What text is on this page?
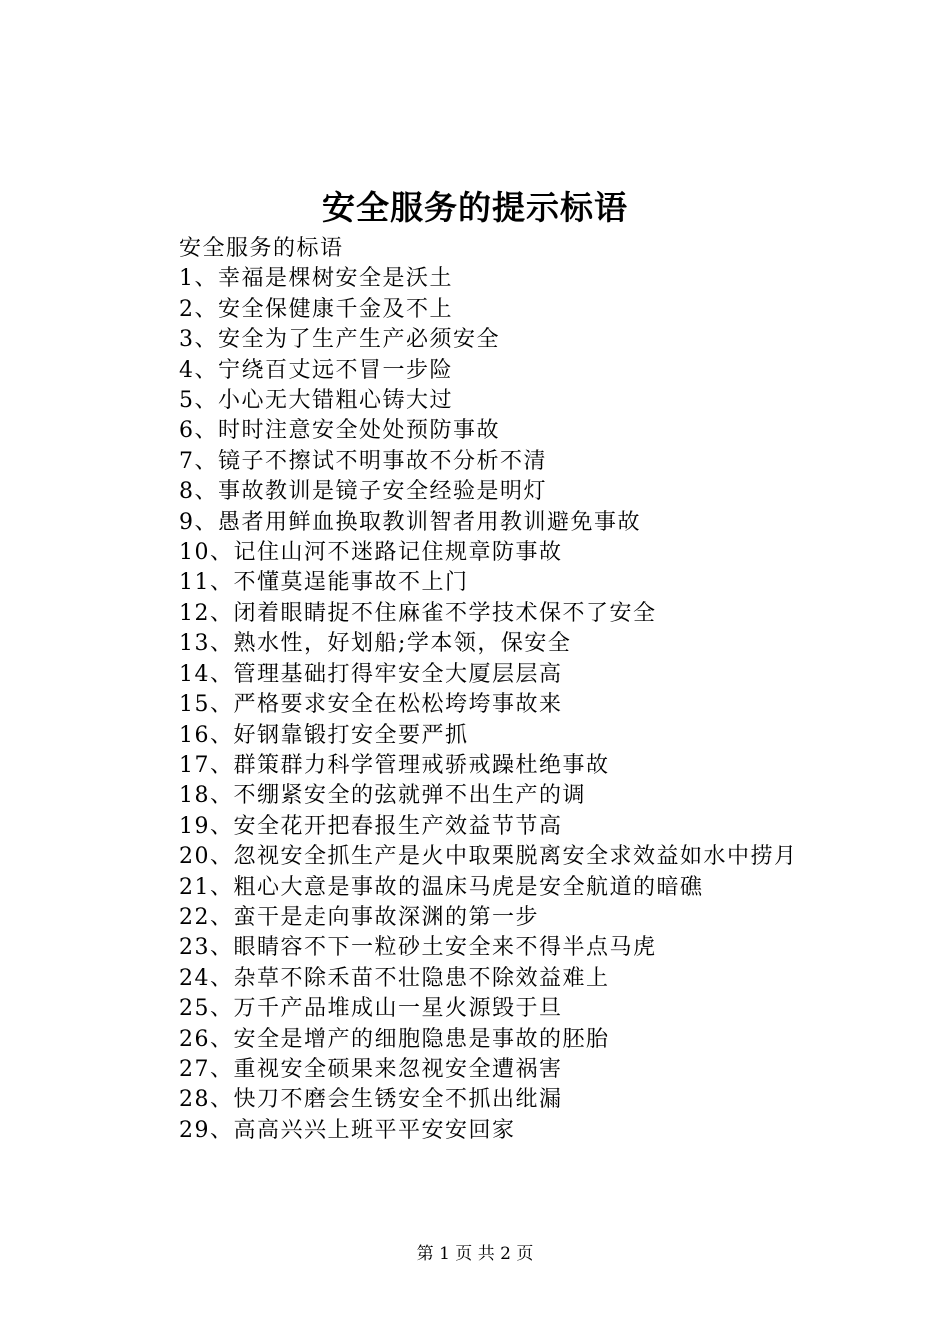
安全服务的提示标语
安全服务的标语
1、幸福是棵树安全是沃土
2、安全保健康千金及不上
3、安全为了生产生产必须安全
4、宁绕百丈远不冒一步险
5、小心无大错粗心铸大过
6、时时注意安全处处预防事故
7、镜子不擦试不明事故不分析不清
8、事故教训是镜子安全经验是明灯
9、愚者用鲜血换取教训智者用教训避免事故
10、记住山河不迷路记住规章防事故
11、不懂莫逞能事故不上门
12、闭着眼睛捉不住麻雀不学技术保不了安全
13、熟水性，好划船;学本领，保安全
14、管理基础打得牢安全大厦层层高
15、严格要求安全在松松垮垮事故来
16、好钢靠锻打安全要严抓
17、群策群力科学管理戒骄戒躁杜绝事故
18、不绷紧安全的弦就弹不出生产的调
19、安全花开把春报生产效益节节高
20、忽视安全抓生产是火中取栗脱离安全求效益如水中捞月
21、粗心大意是事故的温床马虎是安全航道的暗礁
22、蛮干是走向事故深渊的第一步
23、眼睛容不下一粒砂土安全来不得半点马虎
24、杂草不除禾苗不壮隐患不除效益难上
25、万千产品堆成山一星火源毁于旦
26、安全是增产的细胞隐患是事故的胚胎
27、重视安全硕果来忽视安全遭祸害
28、快刀不磨会生锈安全不抓出纰漏
29、高高兴兴上班平平安安回家
第 1 页 共 2 页
